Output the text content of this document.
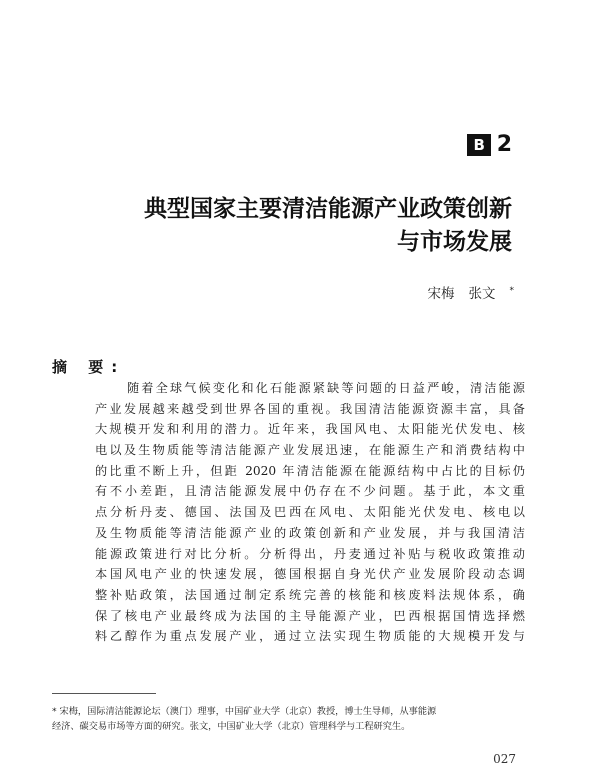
B 2
典型国家主要清洁能源产业政策创新
与市场发展
宋梅 张文 *
摘 要:
随着全球气候变化和化石能源紧缺等问题的日益严峻，清洁能源
产业发展越来越受到世界各国的重视。我国清洁能源资源丰富，具备
大规模开发和利用的潜力。近年来，我国风电、太阳能光伏发电、核
电以及生物质能等清洁能源产业发展迅速，在能源生产和消费结构中
的比重不断上升，但距 2020 年清洁能源在能源结构中占比的目标仍
有不小差距，且清洁能源发展中仍存在不少问题。基于此，本文重
点分析丹麦、德国、法国及巴西在风电、太阳能光伏发电、核电以
及生物质能等清洁能源产业的政策创新和产业发展，并与我国清洁
能源政策进行对比分析。分析得出，丹麦通过补贴与税收政策推动
本国风电产业的快速发展，德国根据自身光伏产业发展阶段动态调
整补贴政策，法国通过制定系统完善的核能和核废料法规体系，确
保了核电产业最终成为法国的主导能源产业，巴西根据国情选择燃
料乙醇作为重点发展产业，通过立法实现生物质能的大规模开发与
* 宋梅，国际清洁能源论坛（澳门）理事，中国矿业大学（北京）教授，博士生导师，从事能源
经济、碳交易市场等方面的研究。张文，中国矿业大学（北京）管理科学与工程研究生。
027
